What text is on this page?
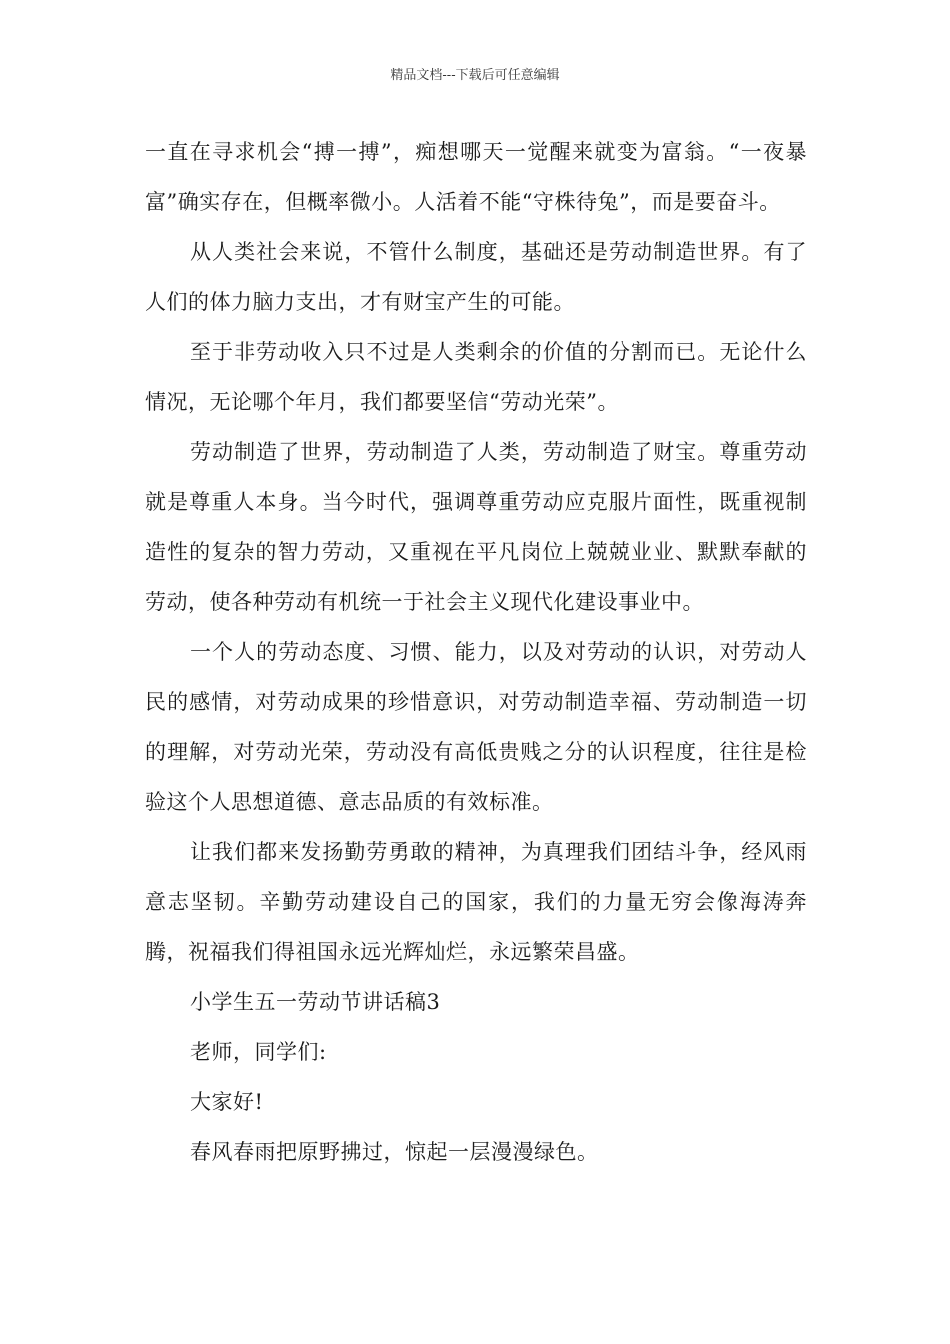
精品文档---下载后可任意编辑

一直在寻求机会“搏一搏”，痴想哪天一觉醒来就变为富翁。“一夜暴富”确实存在，但概率微小。人活着不能“守株待兔”，而是要奋斗。

从人类社会来说，不管什么制度，基础还是劳动制造世界。有了人们的体力脑力支出，才有财宝产生的可能。

至于非劳动收入只不过是人类剩余的价值的分割而已。无论什么情况，无论哪个年月，我们都要坚信“劳动光荣”。

劳动制造了世界，劳动制造了人类，劳动制造了财宝。尊重劳动就是尊重人本身。当今时代，强调尊重劳动应克服片面性，既重视制造性的复杂的智力劳动，又重视在平凡岗位上兢兢业业、默默奉献的劳动，使各种劳动有机统一于社会主义现代化建设事业中。

一个人的劳动态度、习惯、能力，以及对劳动的认识，对劳动人民的感情，对劳动成果的珍惜意识，对劳动制造幸福、劳动制造一切的理解，对劳动光荣，劳动没有高低贵贱之分的认识程度，往往是检验这个人思想道德、意志品质的有效标准。

让我们都来发扬勤劳勇敢的精神，为真理我们团结斗争，经风雨意志坚韧。辛勤劳动建设自己的国家，我们的力量无穷会像海涛奔腾，祝福我们得祖国永远光辉灿烂，永远繁荣昌盛。

小学生五一劳动节讲话稿3

老师，同学们:

大家好!

春风春雨把原野拂过，惊起一层漫漫绿色。
